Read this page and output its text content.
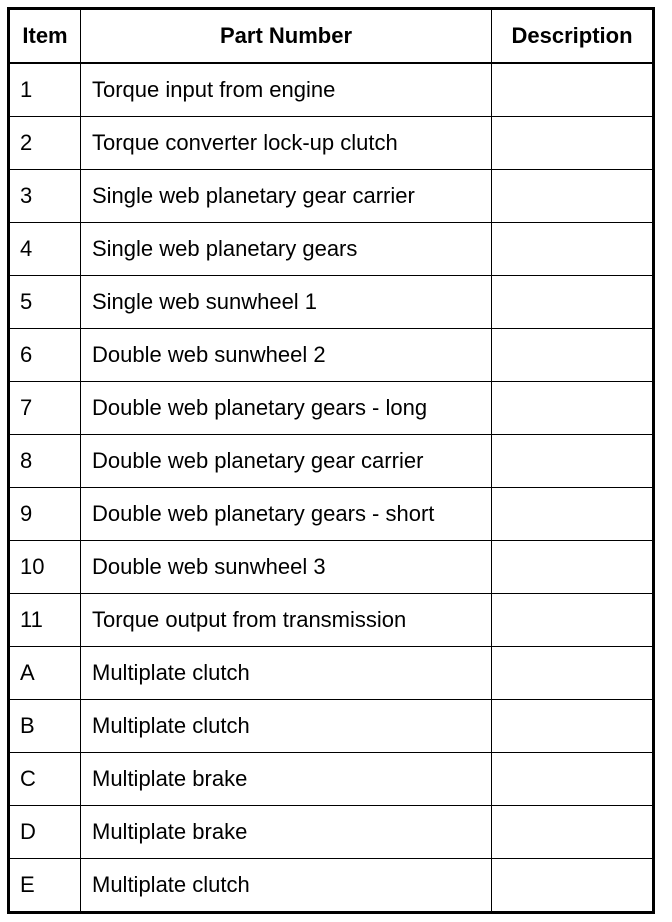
Item	Part Number	Description
1	Torque input from engine	
2	Torque converter lock-up clutch	
3	Single web planetary gear carrier	
4	Single web planetary gears	
5	Single web sunwheel 1	
6	Double web sunwheel 2	
7	Double web planetary gears - long	
8	Double web planetary gear carrier	
9	Double web planetary gears - short	
10	Double web sunwheel 3	
11	Torque output from transmission	
A	Multiplate clutch	
B	Multiplate clutch	
C	Multiplate brake	
D	Multiplate brake	
E	Multiplate clutch	
